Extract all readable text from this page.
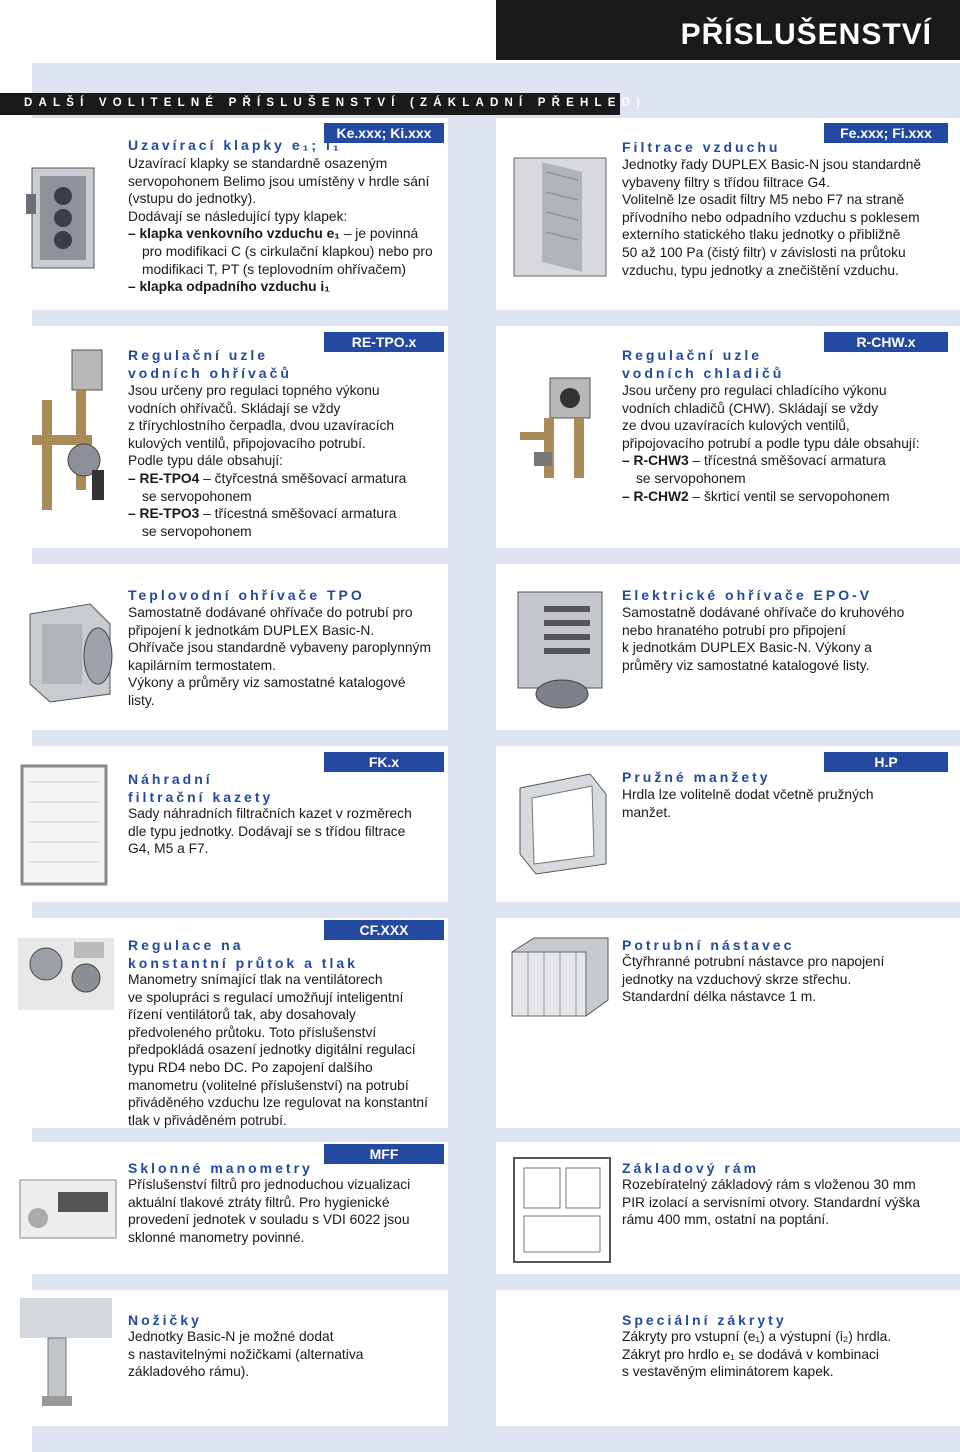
PŘÍSLUŠENSTVÍ
DALŠÍ VOLITELNÉ PŘÍSLUŠENSTVÍ (ZÁKLADNÍ PŘEHLED)
Ke.xxx; Ki.xxx
Uzavírací klapky e₁; i₁

Uzavírací klapky se standardně osazeným

servopohonem Belimo jsou umístěny v hrdle sání

(vstupu do jednotky).

Dodávají se následující typy klapek:

– klapka venkovního vzduchu e₁ – je povinná

pro modifikaci C (s cirkulační klapkou) nebo pro

modifikaci T, PT (s teplovodním ohřívačem)

– klapka odpadního vzduchu i₁

Fe.xxx; Fi.xxx
Filtrace vzduchu

Jednotky řady DUPLEX Basic-N jsou standardně

vybaveny filtry s třídou filtrace G4.

Volitelně lze osadit filtry M5 nebo F7 na straně

přívodního nebo odpadního vzduchu s poklesem

externího statického tlaku jednotky o přibližně

50 až 100 Pa (čistý filtr) v závislosti na průtoku

vzduchu, typu jednotky a znečištění vzduchu.

RE-TPO.x
Regulační uzle
vodních ohřívačů

Jsou určeny pro regulaci topného výkonu

vodních ohřívačů. Skládají se vždy

z třírychlostního čerpadla, dvou uzavíracích

kulových ventilů, připojovacího potrubí.

Podle typu dále obsahují:

– RE-TPO4 – čtyřcestná směšovací armatura

se servopohonem

– RE-TPO3 – třícestná směšovací armatura

se servopohonem

R-CHW.x
Regulační uzle
vodních chladičů

Jsou určeny pro regulaci chladícího výkonu

vodních chladičů (CHW). Skládají se vždy

ze dvou uzavíracích kulových ventilů,

připojovacího potrubí a podle typu dále obsahují:

– R-CHW3 – třícestná směšovací armatura

se servopohonem

– R-CHW2 – škrticí ventil se servopohonem

Teplovodní ohřívače TPO

Samostatně dodávané ohřívače do potrubí pro

připojení k jednotkám DUPLEX Basic-N.

Ohřívače jsou standardně vybaveny paroplynným

kapilárním termostatem.

Výkony a průměry viz samostatné katalogové

listy.

Elektrické ohřívače EPO-V

Samostatně dodávané ohřívače do kruhového

nebo hranatého potrubí pro připojení

k jednotkám DUPLEX Basic-N. Výkony a

průměry viz samostatné katalogové listy.

FK.x
Náhradní
filtrační kazety

Sady náhradních filtračních kazet v rozměrech

dle typu jednotky. Dodávají se s třídou filtrace

G4, M5 a F7.

H.P
Pružné manžety

Hrdla lze volitelně dodat včetně pružných

manžet.

CF.XXX
Regulace na
konstantní průtok a tlak

Manometry snímající tlak na ventilátorech

ve spolupráci s regulací umožňují inteligentní

řízení ventilátorů tak, aby dosahovaly

předvoleného průtoku. Toto příslušenství

předpokládá osazení jednotky digitální regulací

typu RD4 nebo DC. Po zapojení dalšího

manometru (volitelné příslušenství) na potrubí

přiváděného vzduchu lze regulovat na konstantní

tlak v přiváděném potrubí.

Potrubní nástavec

Čtyřhranné potrubní nástavce pro napojení

jednotky na vzduchový skrze střechu.

Standardní délka nástavce 1 m.

MFF
Sklonné manometry

Příslušenství filtrů pro jednoduchou vizualizaci

aktuální tlakové ztráty filtrů. Pro hygienické

provedení jednotek v souladu s VDI 6022 jsou

sklonné manometry povinné.

Základový rám

Rozebíratelný základový rám s vloženou 30 mm

PIR izolací a servisními otvory. Standardní výška

rámu 400 mm, ostatní na poptání.

Nožičky

Jednotky Basic-N je možné dodat

s nastavitelnými nožičkami (alternativa

základového rámu).

Speciální zákryty

Zákryty pro vstupní (e₁) a výstupní (i₂) hrdla.

Zákryt pro hrdlo e₁ se dodává v kombinaci

s vestavěným eliminátorem kapek.
